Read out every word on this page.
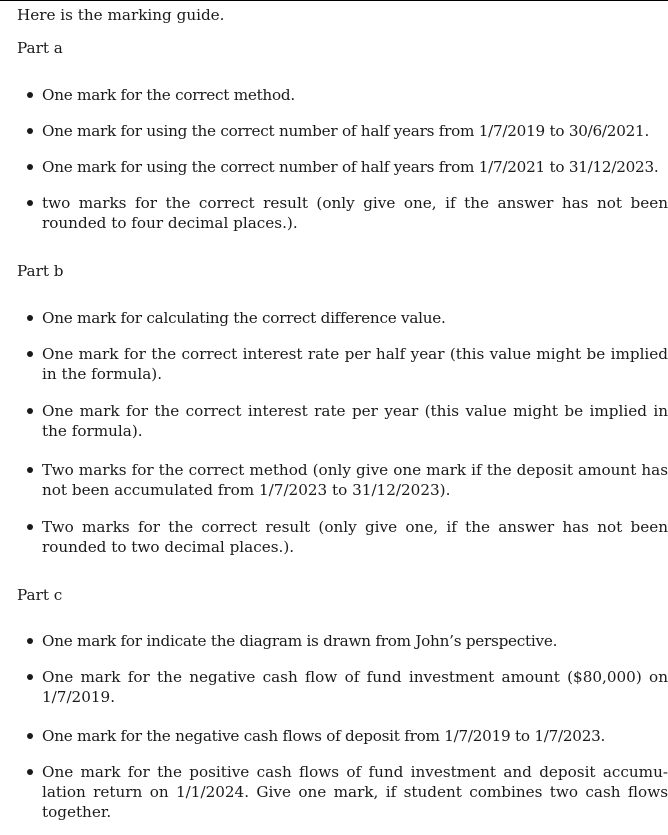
Here is the marking guide.
Part a
One mark for the correct method.
One mark for using the correct number of half years from 1/7/2019 to 30/6/2021.
One mark for using the correct number of half years from 1/7/2021 to 31/12/2023.
two marks for the correct result (only give one, if the answer has not been rounded to four decimal places.).
Part b
One mark for calculating the correct difference value.
One mark for the correct interest rate per half year (this value might be implied in the formula).
One mark for the correct interest rate per year (this value might be implied in the formula).
Two marks for the correct method (only give one mark if the deposit amount has not been accumulated from 1/7/2023 to 31/12/2023).
Two marks for the correct result (only give one, if the answer has not been rounded to two decimal places.).
Part c
One mark for indicate the diagram is drawn from John’s perspective.
One mark for the negative cash flow of fund investment amount ($80,000) on 1/7/2019.
One mark for the negative cash flows of deposit from 1/7/2019 to 1/7/2023.
One mark for the positive cash flows of fund investment and deposit accumu- lation return on 1/1/2024. Give one mark, if student combines two cash flows together.
